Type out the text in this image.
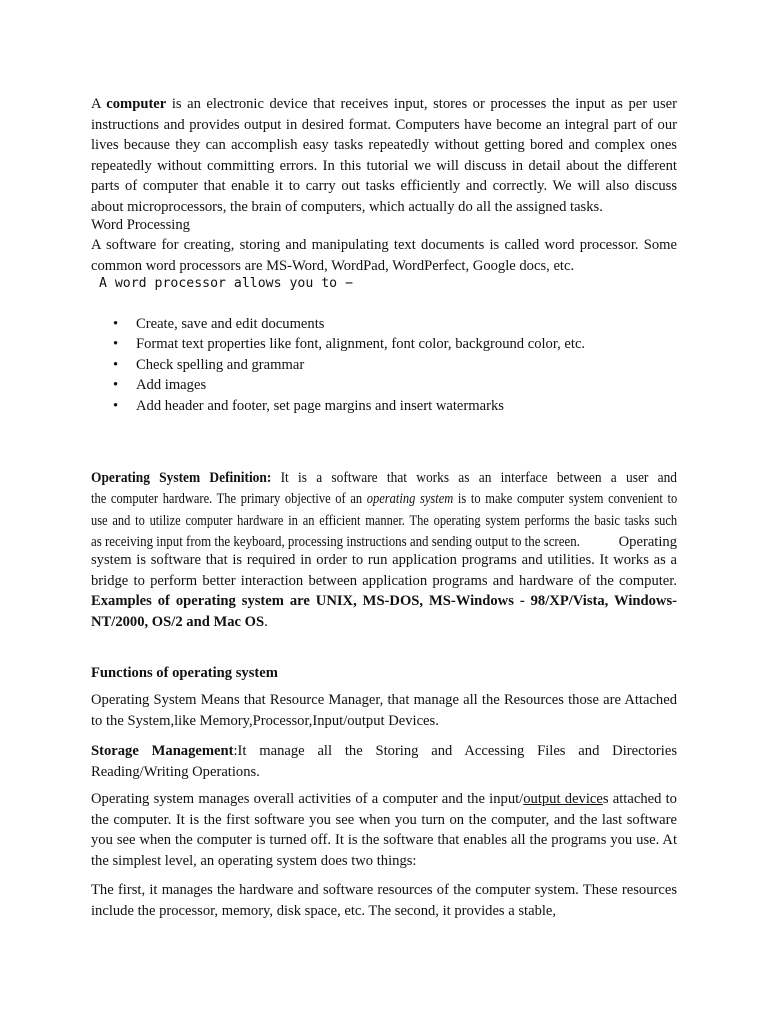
A computer is an electronic device that receives input, stores or processes the input as per user instructions and provides output in desired format. Computers have become an integral part of our lives because they can accomplish easy tasks repeatedly without getting bored and complex ones repeatedly without committing errors. In this tutorial we will discuss in detail about the different parts of computer that enable it to carry out tasks efficiently and correctly. We will also discuss about microprocessors, the brain of computers, which actually do all the assigned tasks.

Word Processing

A software for creating, storing and manipulating text documents is called word processor. Some common word processors are MS-Word, WordPad, WordPerfect, Google docs, etc.

A word processor allows you to −

• Create, save and edit documents
• Format text properties like font, alignment, font color, background color, etc.
• Check spelling and grammar
• Add images
• Add header and footer, set page margins and insert watermarks
Operating System Definition: It is a software that works as an interface between a user and
the computer hardware. The primary objective of an operating system is to make computer system convenient to
use and to utilize computer hardware in an efficient manner. The operating system performs the basic tasks such
as receiving input from the keyboard, processing instructions and sending output to the screen.	Operating

system is software that is required in order to run application programs and utilities. It works as a bridge to perform better interaction between application programs and hardware of the computer. Examples of operating system are UNIX, MS-DOS, MS-Windows - 98/XP/Vista, Windows-NT/2000, OS/2 and Mac OS.

Functions of operating system

Operating System Means that Resource Manager, that manage all the Resources those are Attached to the System,like Memory,Processor,Input/output Devices.

Storage Management:It manage all the Storing and Accessing Files and Directories Reading/Writing Operations.

Operating system manages overall activities of a computer and the input/output devices attached to the computer. It is the first software you see when you turn on the computer, and the last software you see when the computer is turned off. It is the software that enables all the programs you use. At the simplest level, an operating system does two things:

The first, it manages the hardware and software resources of the computer system. These resources include the processor, memory, disk space, etc. The second, it provides a stable,
